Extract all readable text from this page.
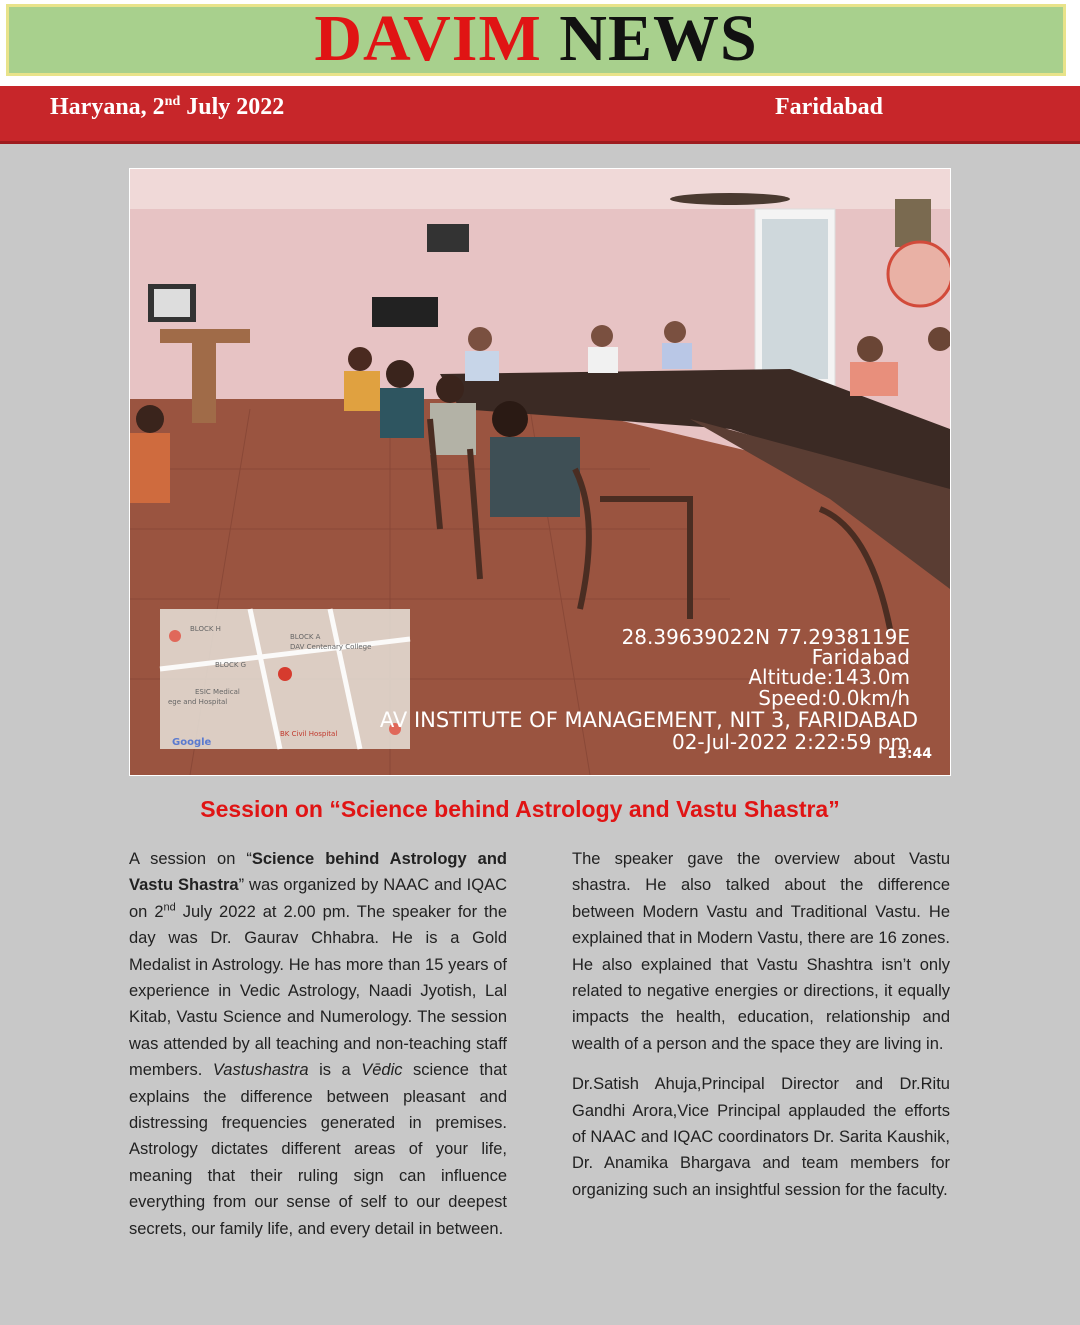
DAVIM NEWS
Haryana, 2nd July 2022	Faridabad
BLOCK H
BLOCK A
DAV Centenary College
BLOCK G
ESIC Medical
ege and Hospital
BK Civil Hospital
Google
28.39639022N 77.2938119E
Faridabad
Altitude:143.0m
Speed:0.0km/h
AV INSTITUTE OF MANAGEMENT, NIT 3, FARIDABAD
02-Jul-2022 2:22:59 pm
13:44
Session on “Science behind Astrology and Vastu Shastra”

A session on “Science behind Astrology and Vastu Shastra” was organized by NAAC and IQAC on 2nd July 2022 at 2.00 pm. The speaker for the day was Dr. Gaurav Chhabra. He is a Gold Medalist in Astrology. He has more than 15 years of experience in Vedic Astrology, Naadi Jyotish, Lal Kitab, Vastu Science and Numerology. The session was attended by all teaching and non-teaching staff members. Vastushastra is a Vēdic science that explains the difference between pleasant and distressing frequencies generated in premises. Astrology dictates different areas of your life, meaning that their ruling sign can influence everything from our sense of self to our deepest secrets, our family life, and every detail in between.

The speaker gave the overview about Vastu shastra. He also talked about the difference between Modern Vastu and Traditional Vastu. He explained that in Modern Vastu, there are 16 zones. He also explained that Vastu Shashtra isn’t only related to negative energies or directions, it equally impacts the health, education, relationship and wealth of a person and the space they are living in.

Dr.Satish Ahuja,Principal Director and Dr.Ritu Gandhi Arora,Vice Principal applauded the efforts of NAAC and IQAC coordinators Dr. Sarita Kaushik, Dr. Anamika Bhargava and team members for organizing such an insightful session for the faculty.
